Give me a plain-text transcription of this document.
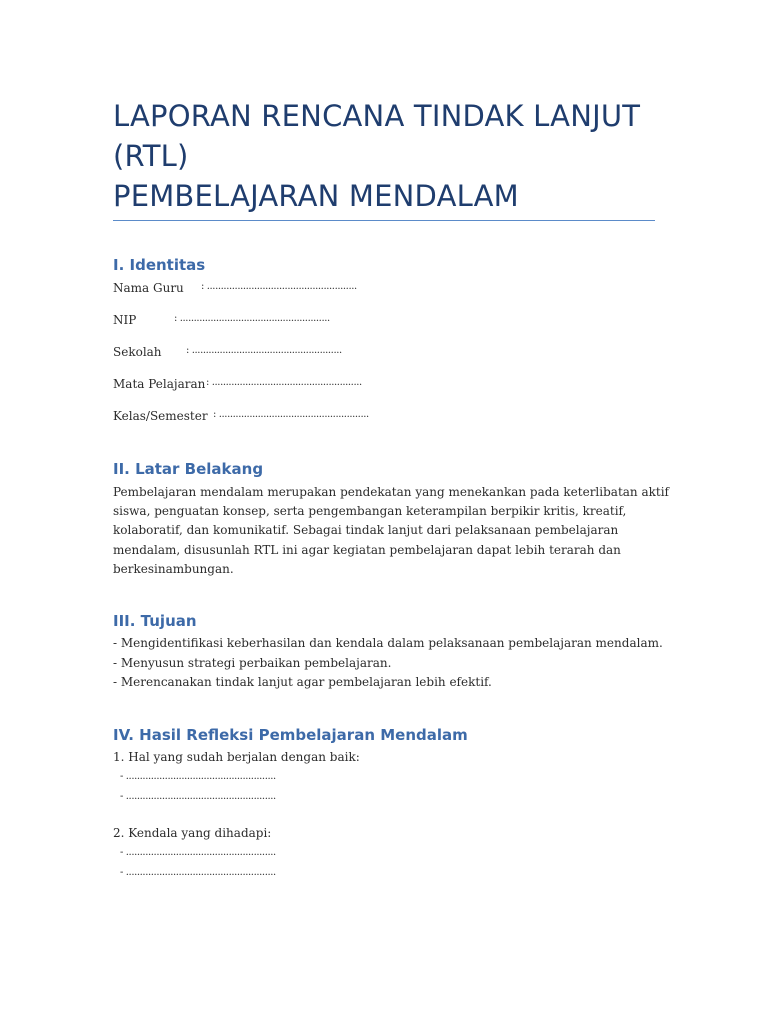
LAPORAN RENCANA TINDAK LANJUT
(RTL)
PEMBELAJARAN MENDALAM
I. Identitas
Nama Guru	: ......................................................
NIP	: ......................................................
Sekolah	: ......................................................
Mata Pelajaran : ......................................................
Kelas/Semester : ......................................................
II. Latar Belakang
Pembelajaran mendalam merupakan pendekatan yang menekankan pada keterlibatan aktif
siswa, penguatan konsep, serta pengembangan keterampilan berpikir kritis, kreatif,
kolaboratif, dan komunikatif. Sebagai tindak lanjut dari pelaksanaan pembelajaran
mendalam, disusunlah RTL ini agar kegiatan pembelajaran dapat lebih terarah dan
berkesinambungan.
III. Tujuan
- Mengidentifikasi keberhasilan dan kendala dalam pelaksanaan pembelajaran mendalam.
- Menyusun strategi perbaikan pembelajaran.
- Merencanakan tindak lanjut agar pembelajaran lebih efektif.
IV. Hasil Refleksi Pembelajaran Mendalam
1. Hal yang sudah berjalan dengan baik:
- ......................................................
- ......................................................
2. Kendala yang dihadapi:
- ......................................................
- ......................................................
